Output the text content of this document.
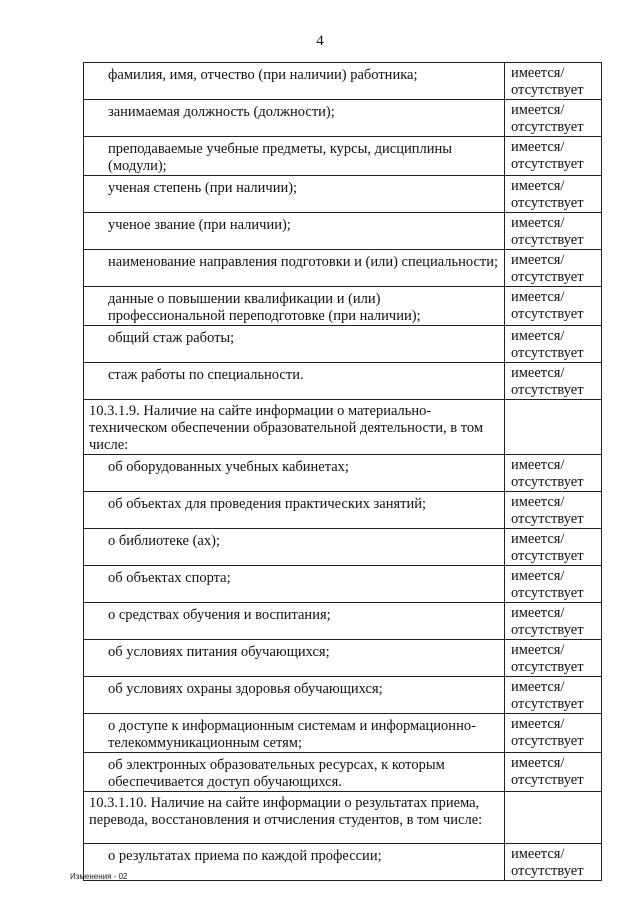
4
фамилия, имя, отчество (при наличии) работника;	имеется/
отсутствует

занимаемая должность (должности);	имеется/
отсутствует

преподаваемые учебные предметы, курсы, дисциплины (модули);	имеется/
отсутствует

ученая степень (при наличии);	имеется/
отсутствует

ученое звание (при наличии);	имеется/
отсутствует

наименование направления подготовки и (или) специальности;	имеется/
отсутствует

данные о повышении квалификации и (или) профессиональной переподготовке (при наличии);	имеется/
отсутствует

общий стаж работы;	имеется/
отсутствует

стаж работы по специальности.	имеется/
отсутствует

10.3.1.9. Наличие на сайте информации о материально-техническом обеспечении образовательной деятельности, в том числе:	

об оборудованных учебных кабинетах;	имеется/
отсутствует

об объектах для проведения практических занятий;	имеется/
отсутствует

о библиотеке (ах);	имеется/
отсутствует

об объектах спорта;	имеется/
отсутствует

о средствах обучения и воспитания;	имеется/
отсутствует

об условиях питания обучающихся;	имеется/
отсутствует

об условиях охраны здоровья обучающихся;	имеется/
отсутствует

о доступе к информационным системам и информационно-телекоммуникационным сетям;	имеется/
отсутствует

об электронных образовательных ресурсах, к которым обеспечивается доступ обучающихся.	имеется/
отсутствует

10.3.1.10. Наличие на сайте информации о результатах приема, перевода, восстановления и отчисления студентов, в том числе:	

о результатах приема по каждой профессии;	имеется/
отсутствует
Изменения - 02
